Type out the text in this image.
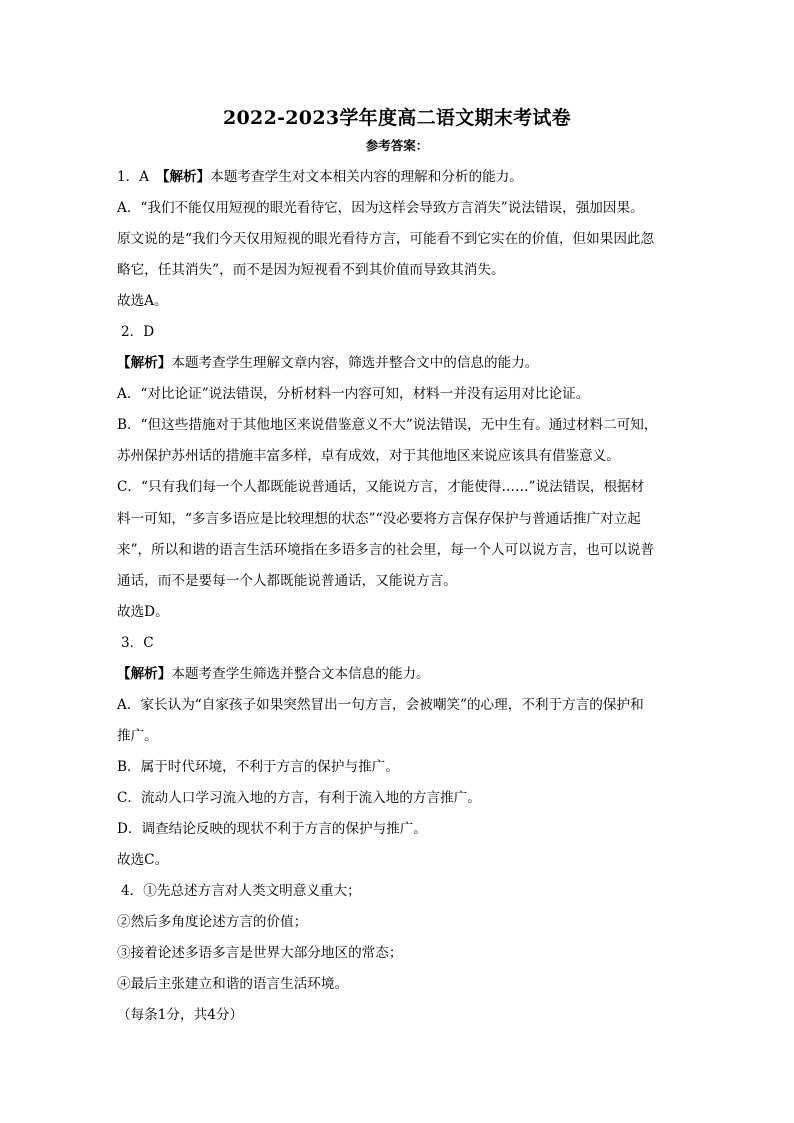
2022-2023学年度高二语文期末考试卷
参考答案：
1．A　【解析】本题考查学生对文本相关内容的理解和分析的能力。
A．“我们不能仅用短视的眼光看待它，因为这样会导致方言消失”说法错误，强加因果。
原文说的是“我们今天仅用短视的眼光看待方言，可能看不到它实在的价值，但如果因此忽
略它，任其消失”，而不是因为短视看不到其价值而导致其消失。
故选A。
2．D
【解析】本题考查学生理解文章内容，筛选并整合文中的信息的能力。
A．“对比论证”说法错误，分析材料一内容可知，材料一并没有运用对比论证。
B．“但这些措施对于其他地区来说借鉴意义不大”说法错误，无中生有。通过材料二可知，
苏州保护苏州话的措施丰富多样，卓有成效，对于其他地区来说应该具有借鉴意义。
C．“只有我们每一个人都既能说普通话，又能说方言，才能使得……”说法错误，根据材
料一可知，“多言多语应是比较理想的状态”“没必要将方言保存保护与普通话推广对立起
来”，所以和谐的语言生活环境指在多语多言的社会里，每一个人可以说方言，也可以说普
通话，而不是要每一个人都既能说普通话，又能说方言。
故选D。
3．C
【解析】本题考查学生筛选并整合文本信息的能力。
A．家长认为“自家孩子如果突然冒出一句方言，会被嘲笑”的心理，不利于方言的保护和
推广。
B．属于时代环境，不利于方言的保护与推广。
C．流动人口学习流入地的方言，有利于流入地的方言推广。
D．调查结论反映的现状不利于方言的保护与推广。
故选C。
4．①先总述方言对人类文明意义重大；
②然后多角度论述方言的价值；
③接着论述多语多言是世界大部分地区的常态；
④最后主张建立和谐的语言生活环境。
（每条1分，共4分）
